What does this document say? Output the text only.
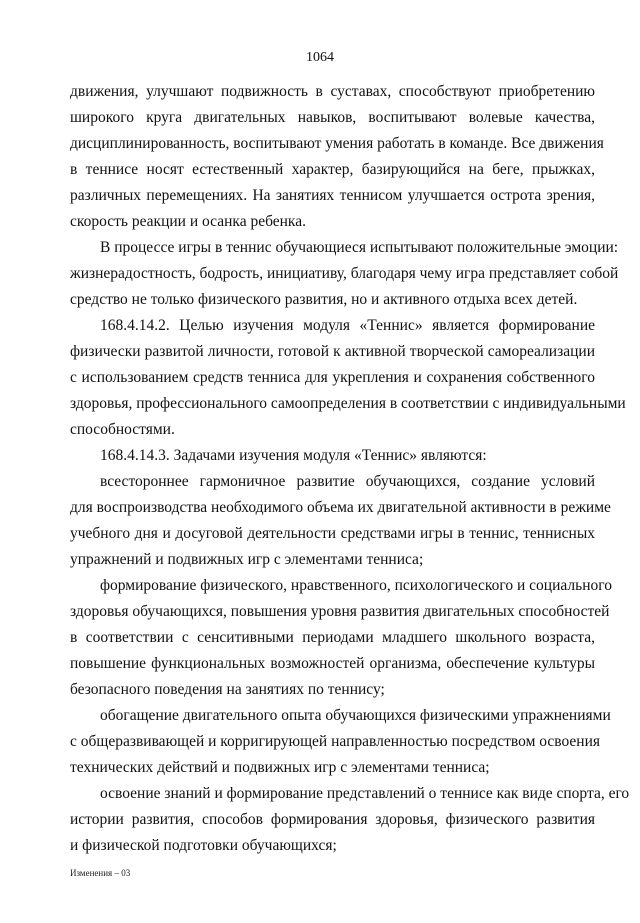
1064

движения, улучшают подвижность в суставах, способствуют приобретению

широкого круга двигательных навыков, воспитывают волевые качества,

дисциплинированность, воспитывают умения работать в команде. Все движения

в теннисе носят естественный характер, базирующийся на беге, прыжках,

различных перемещениях. На занятиях теннисом улучшается острота зрения,

скорость реакции и осанка ребенка.

В процессе игры в теннис обучающиеся испытывают положительные эмоции:

жизнерадостность, бодрость, инициативу, благодаря чему игра представляет собой

средство не только физического развития, но и активного отдыха всех детей.

168.4.14.2. Целью изучения модуля «Теннис» является формирование

физически развитой личности, готовой к активной творческой самореализации

с использованием средств тенниса для укрепления и сохранения собственного

здоровья, профессионального самоопределения в соответствии с индивидуальными

способностями.

168.4.14.3. Задачами изучения модуля «Теннис» являются:

всестороннее гармоничное развитие обучающихся, создание условий

для воспроизводства необходимого объема их двигательной активности в режиме

учебного дня и досуговой деятельности средствами игры в теннис, теннисных

упражнений и подвижных игр с элементами тенниса;

формирование физического, нравственного, психологического и социального

здоровья обучающихся, повышения уровня развития двигательных способностей

в соответствии с сенситивными периодами младшего школьного возраста,

повышение функциональных возможностей организма, обеспечение культуры

безопасного поведения на занятиях по теннису;

обогащение двигательного опыта обучающихся физическими упражнениями

с общеразвивающей и корригирующей направленностью посредством освоения

технических действий и подвижных игр с элементами тенниса;

освоение знаний и формирование представлений о теннисе как виде спорта, его

истории развития, способов формирования здоровья, физического развития

и физической подготовки обучающихся;

Изменения – 03
